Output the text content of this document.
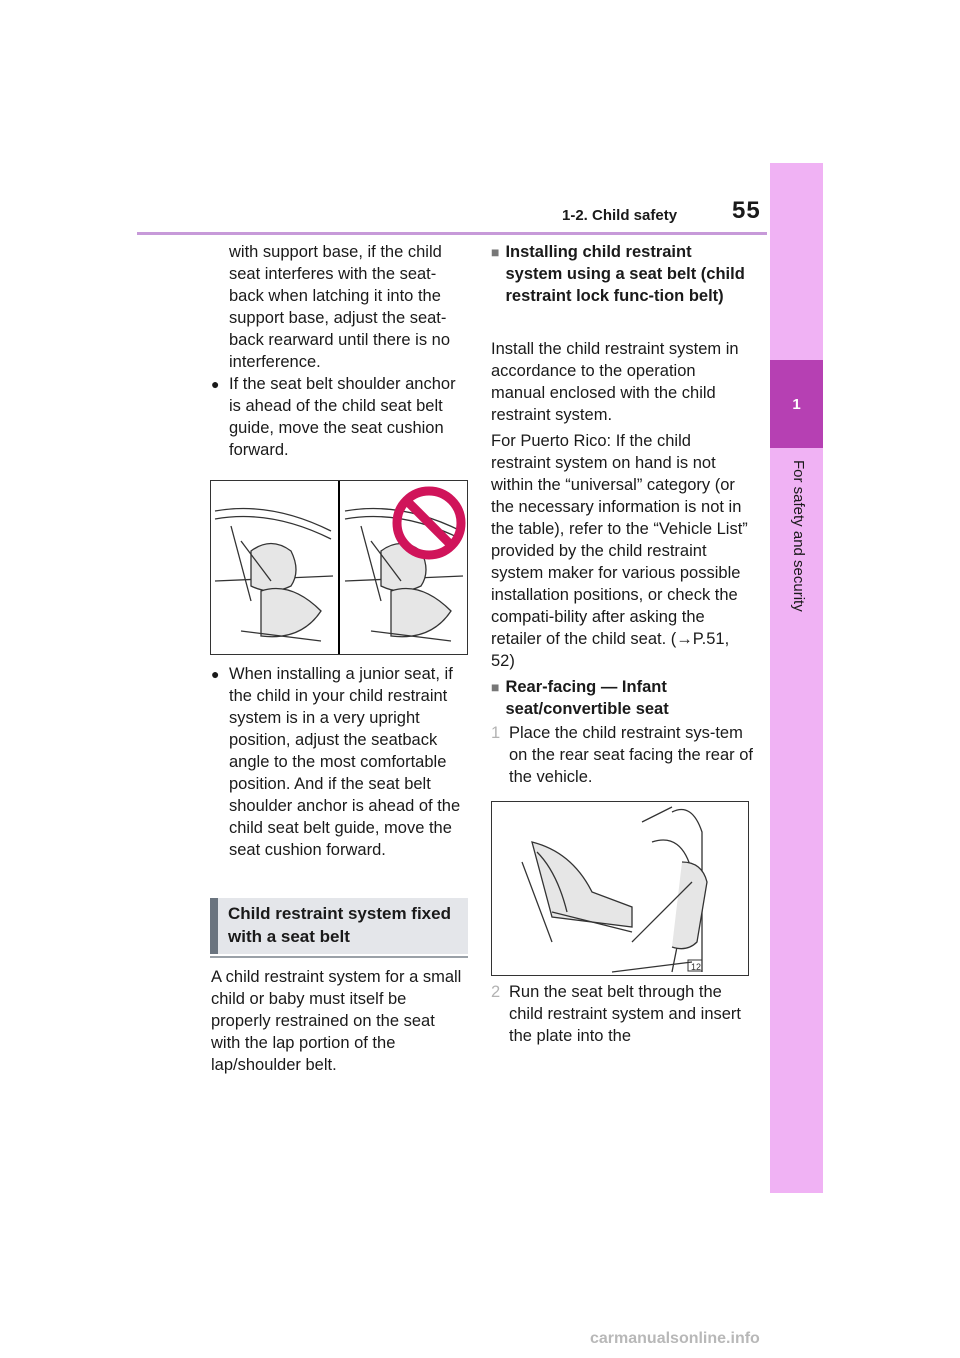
1-2. Child safety 55
1
For safety and security
with support base, if the child seat interferes with the seat-back when latching it into the support base, adjust the seat-back rearward until there is no interference.
● If the seat belt shoulder anchor is ahead of the child seat belt guide, move the seat cushion forward.
● When installing a junior seat, if the child in your child restraint system is in a very upright position, adjust the seatback angle to the most comfortable position. And if the seat belt shoulder anchor is ahead of the child seat belt guide, move the seat cushion forward.
Child restraint system fixed with a seat belt
A child restraint system for a small child or baby must itself be properly restrained on the seat with the lap portion of the lap/shoulder belt.
■ Installing child restraint system using a seat belt (child restraint lock func-tion belt)
Install the child restraint system in accordance to the operation manual enclosed with the child restraint system.
For Puerto Rico: If the child restraint system on hand is not within the “universal” category (or the necessary information is not in the table), refer to the “Vehicle List” provided by the child restraint system maker for various possible installation positions, or check the compati-bility after asking the retailer of the child seat. (→P.51, 52)
■ Rear-facing — Infant seat/convertible seat
1 Place the child restraint sys-tem on the rear seat facing the rear of the vehicle.
12
2 Run the seat belt through the child restraint system and insert the plate into the
carmanualsonline.info
